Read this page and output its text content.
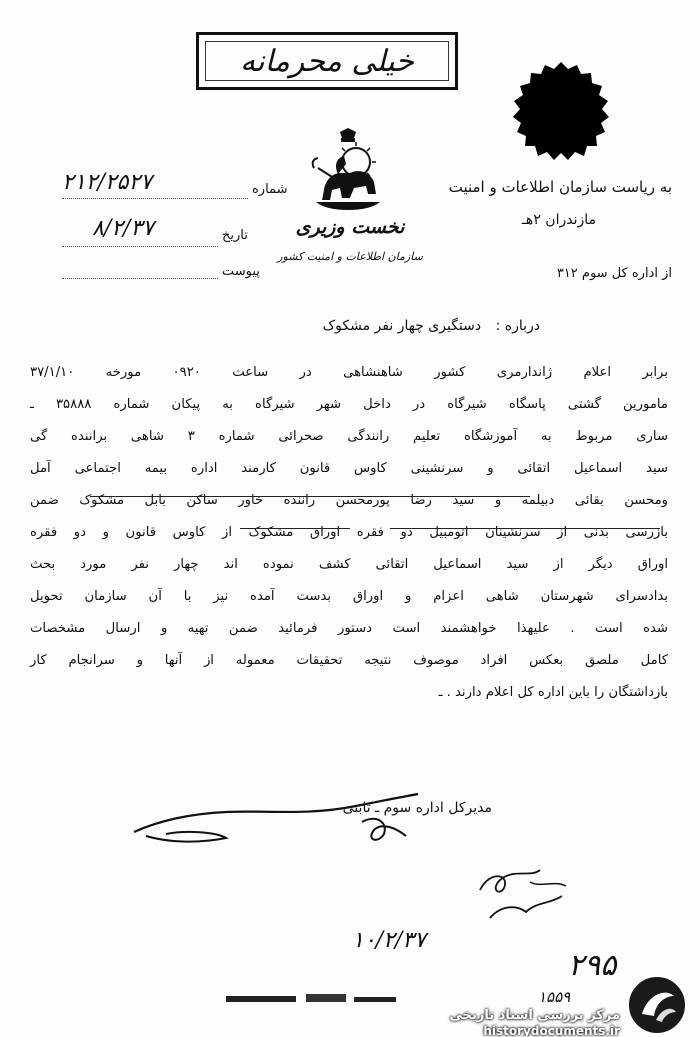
خیلی محرمانه
نخست وزیری
سازمان اطلاعات و امنیت کشور
به ریاست سازمان اطلاعات و امنیت
مازندران ۲هـ
از اداره کل سوم ۳۱۲
شماره
۲۱۲/۲۵۲۷
تاریخ
۸/۲/۳۷
پیوست
درباره : دستگیری چهار نفر مشکوک
برابر اعلام ژاندارمری کشور شاهنشاهی در ساعت ۰۹۲۰ مورخه ۳۷/۱/۱۰
مامورین گشتی پاسگاه شیرگاه در داخل شهر شیرگاه به پیکان شماره ۳۵۸۸۸ ـ
ساری مربوط به آموزشگاه تعلیم رانندگی صحرائی شماره ۳ شاهی براننده گی
سید اسماعیل اتقائی و سرنشینی کاوس قانون کارمند اداره بیمه اجتماعی آمل
ومحسن بقائی دبیلمه و سید رضا پورمحسن راننده خاور ساکن بابل مشکوک ضمن
بازرسی بدنی از سرنشینان اتومبیل دو فقره اوراق مشکوک از کاوس قانون و دو فقره
اوراق دیگر از سید اسماعیل اتقائی کشف نموده اند چهار نفر مورد بحث
بدادسرای شهرستان شاهی اعزام و اوراق بدست آمده نیز با آن سازمان تحویل
شده است . علیهذا خواهشمند است دستور فرمائید ضمن تهیه و ارسال مشخصات
کامل ملصق بعکس افراد موصوف نتیجه تحقیقات معموله از آنها و سرانجام کار
بازداشتگان را باین اداره کل اعلام دارند . ـ
مدیرکل اداره سوم ـ ثابتی
۱۰/۲/۳۷
۲۹۵
۱۵۵۹
مرکز بررسی اسناد تاریخی
historydocuments.ir
